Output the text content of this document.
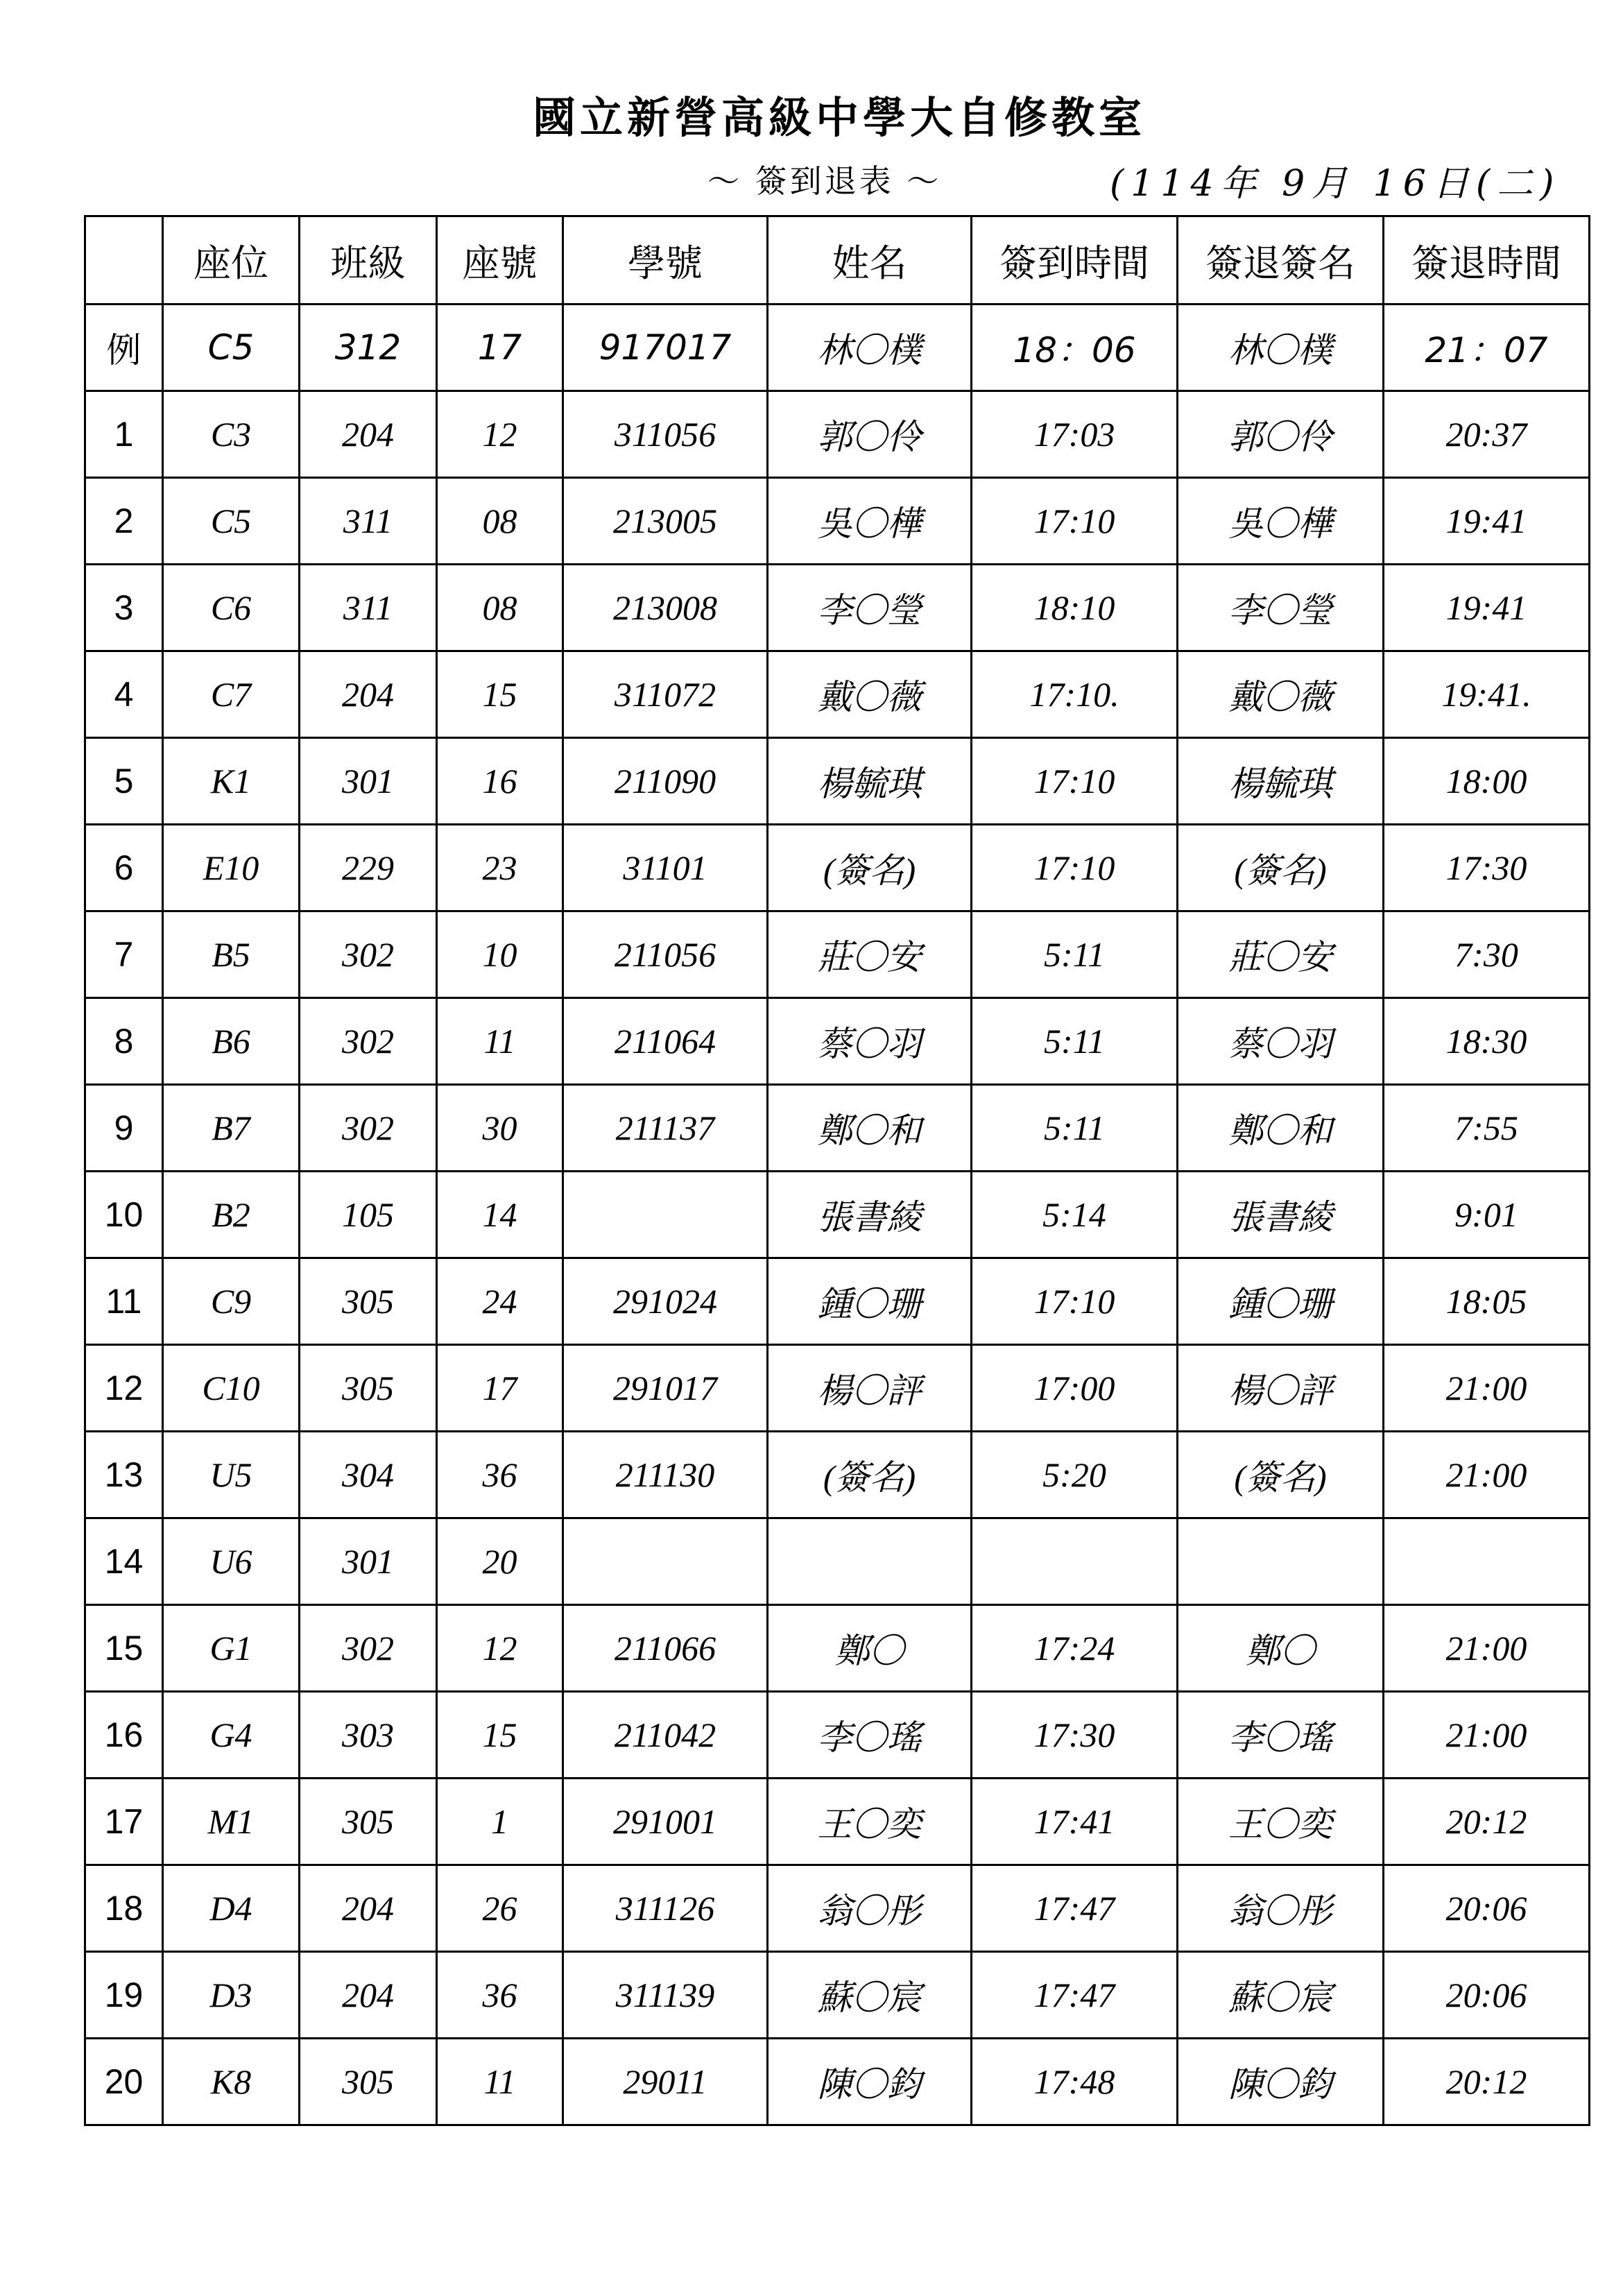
國立新營高級中學大自修教室
～ 簽到退表 ～	(114年 9月 16日(二)
	座位	班級	座號	學號	姓名	簽到時間	簽退簽名	簽退時間
例	C5	312	17	917017	林〇樸	18：06	林〇樸	21：07
1	C3	204	12	311056	郭〇伶	17:03	郭〇伶	20:37
2	C5	311	08	213005	吳〇樺	17:10	吳〇樺	19:41
3	C6	311	08	213008	李〇瑩	18:10	李〇瑩	19:41
4	C7	204	15	311072	戴〇薇	17:10.	戴〇薇	19:41.
5	K1	301	16	211090	楊毓琪	17:10	楊毓琪	18:00
6	E10	229	23	31101	(簽名)	17:10	(簽名)	17:30
7	B5	302	10	211056	莊〇安	5:11	莊〇安	7:30
8	B6	302	11	211064	蔡〇羽	5:11	蔡〇羽	18:30
9	B7	302	30	211137	鄭〇和	5:11	鄭〇和	7:55
10	B2	105	14		張書綾	5:14	張書綾	9:01
11	C9	305	24	291024	鍾〇珊	17:10	鍾〇珊	18:05
12	C10	305	17	291017	楊〇評	17:00	楊〇評	21:00
13	U5	304	36	211130	(簽名)	5:20	(簽名)	21:00
14	U6	301	20					
15	G1	302	12	211066	鄭〇	17:24	鄭〇	21:00
16	G4	303	15	211042	李〇瑤	17:30	李〇瑤	21:00
17	M1	305	1	291001	王〇奕	17:41	王〇奕	20:12
18	D4	204	26	311126	翁〇彤	17:47	翁〇彤	20:06
19	D3	204	36	311139	蘇〇宸	17:47	蘇〇宸	20:06
20	K8	305	11	29011	陳〇鈞	17:48	陳〇鈞	20:12
